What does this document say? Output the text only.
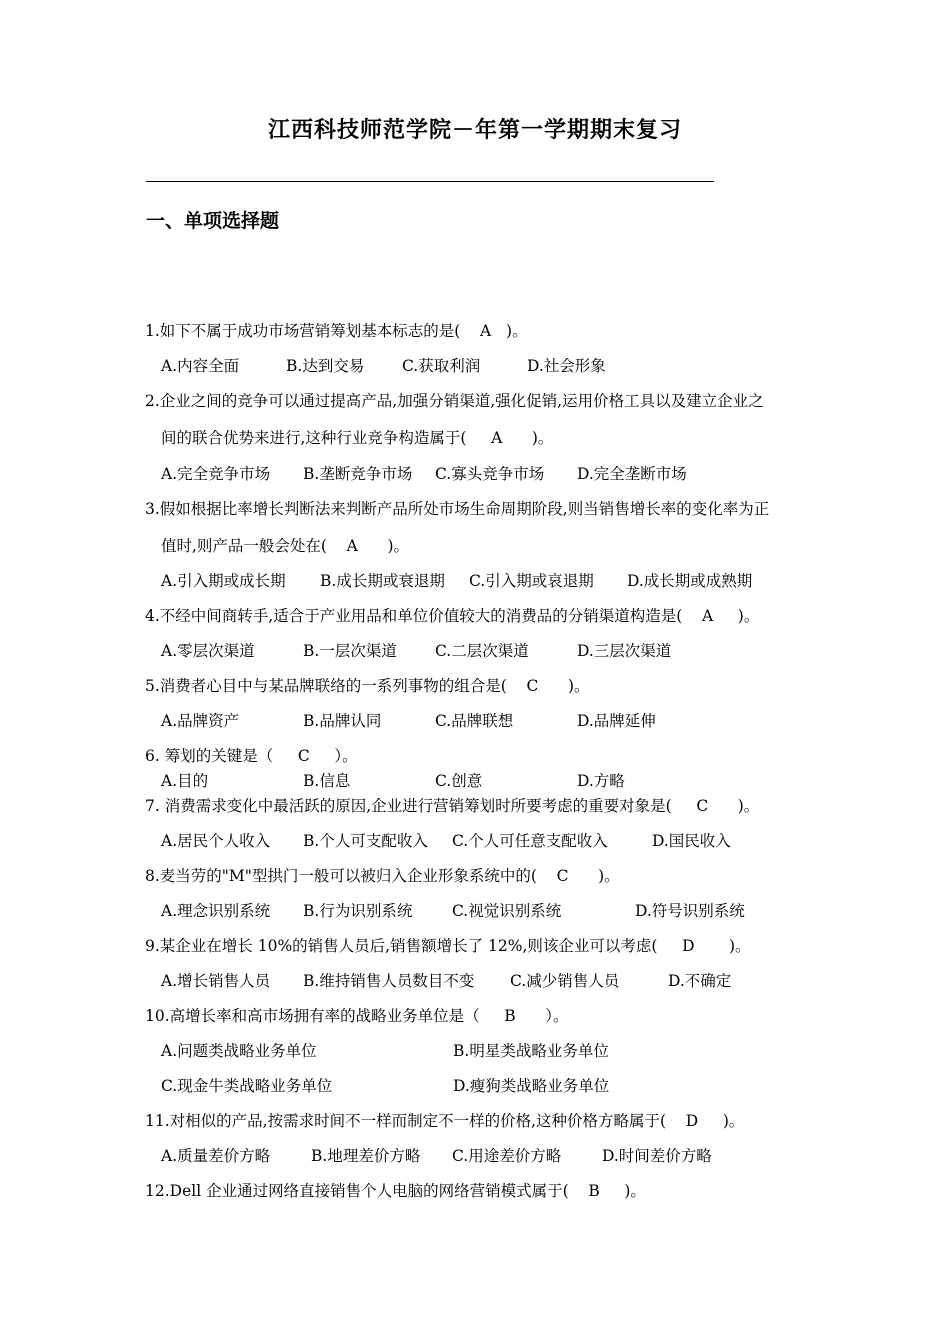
江西科技师范学院－年第一学期期末复习
一、单项选择题
1.如下不属于成功市场营销筹划基本标志的是(    A   )。
A.内容全面	B.达到交易 C.获取利润	D.社会形象
2.企业之间的竞争可以通过提高产品,加强分销渠道,强化促销,运用价格工具以及建立企业之
间的联合优势来进行,这种行业竞争构造属于(     A      )。
A.完全竞争市场 B.垄断竞争市场 C.寡头竞争市场 D.完全垄断市场
3.假如根据比率增长判断法来判断产品所处市场生命周期阶段,则当销售增长率的变化率为正
值时,则产品一般会处在(    A      )。
A.引入期或成长期 B.成长期或衰退期 C.引入期或哀退期 D.成长期或成熟期
4.不经中间商转手,适合于产业用品和单位价值较大的消费品的分销渠道构造是(    A     )。
A.零层次渠道	B.一层次渠道 C.二层次渠道	D.三层次渠道
5.消费者心目中与某品牌联络的一系列事物的组合是(    C      )。
A.品牌资产	B.品牌认同	C.品牌联想	D.品牌延伸
6. 筹划的关键是（     C     ）。
A.目的	B.信息	C.创意	D.方略
7. 消费需求变化中最活跃的原因,企业进行营销筹划时所要考虑的重要对象是(     C      )。
A.居民个人收入 B.个人可支配收入 C.个人可任意支配收入	D.国民收入
8.麦当劳的"M"型拱门一般可以被归入企业形象系统中的(    C      )。
A.理念识别系统 B.行为识别系统	C.视觉识别系统	D.符号识别系统
9.某企业在增长 10%的销售人员后,销售额增长了 12%,则该企业可以考虑(     D       )。
A.增长销售人员 B.维持销售人员数目不变 C.减少销售人员	D.不确定
10.高增长率和高市场拥有率的战略业务单位是（     B      ）。
A.问题类战略业务单位	B.明星类战略业务单位
C.现金牛类战略业务单位	D.瘦狗类战略业务单位
11.对相似的产品,按需求时间不一样而制定不一样的价格,这种价格方略属于(    D     )。
A.质量差价方略	B.地理差价方略 C.用途差价方略	D.时间差价方略
12.Dell 企业通过网络直接销售个人电脑的网络营销模式属于(    B     )。
